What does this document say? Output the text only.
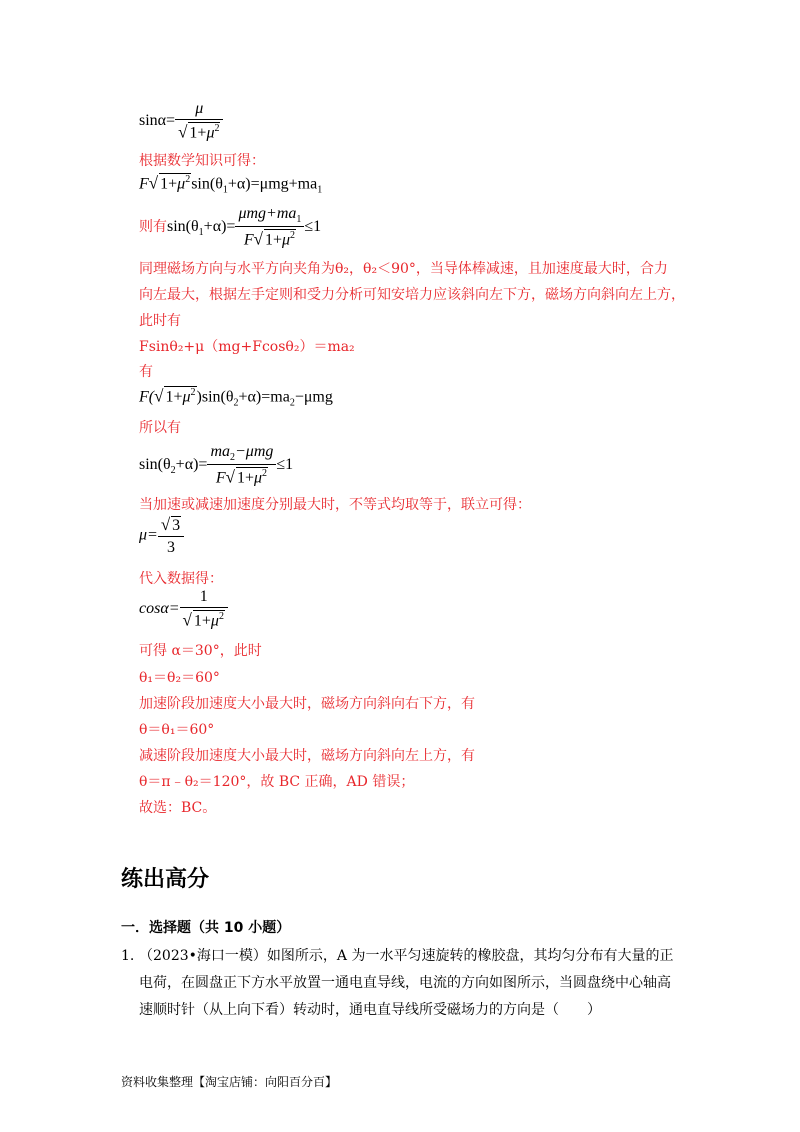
$\sin\alpha= \frac{\mu}{√ 1+\mu^2}$
根据数学知识可得：
F√ $1+\mu^2\sin(\theta_1+\alpha)=\mu mg+ma_1$
则有$\sin(\theta_1+\alpha)= \frac{\mu mg+ma_1}{F√ 1+\mu^2} \le 1$
同理磁场方向与水平方向夹角为θ₂，θ₂＜90°，当导体棒减速，且加速度最大时，合力
向左最大，根据左手定则和受力分析可知安培力应该斜向左下方，磁场方向斜向左上方，
此时有
Fsinθ₂+μ（mg+Fcosθ₂）＝ma₂
有
F(√ $1+\mu^2)\sin(\theta_2+\alpha)=ma_2-\mu mg$
所以有
$\sin(\theta_2+\alpha)= \frac{ma_2-\mu mg}{F√ 1+\mu^2} \le 1$
当加速或减速加速度分别最大时，不等式均取等于，联立可得：
$\mu= \frac{√ 3}{3}$
代入数据得：
$\cos\alpha= \frac{1}{√ 1+\mu^2}$
可得 α＝30°，此时
θ₁＝θ₂＝60°
加速阶段加速度大小最大时，磁场方向斜向右下方，有
θ＝θ₁＝60°
减速阶段加速度大小最大时，磁场方向斜向左上方，有
θ＝π﹣θ₂＝120°，故 BC 正确，AD 错误；
故选：BC。
练出高分
一．选择题（共 10 小题）
1. （2023•海口一模）如图所示，A 为一水平匀速旋转的橡胶盘，其均匀分布有大量的正电荷，在圆盘正下方水平放置一通电直导线，电流的方向如图所示，当圆盘绕中心轴高速顺时针（从上向下看）转动时，通电直导线所受磁场力的方向是（　　）
资料收集整理【淘宝店铺：向阳百分百】
